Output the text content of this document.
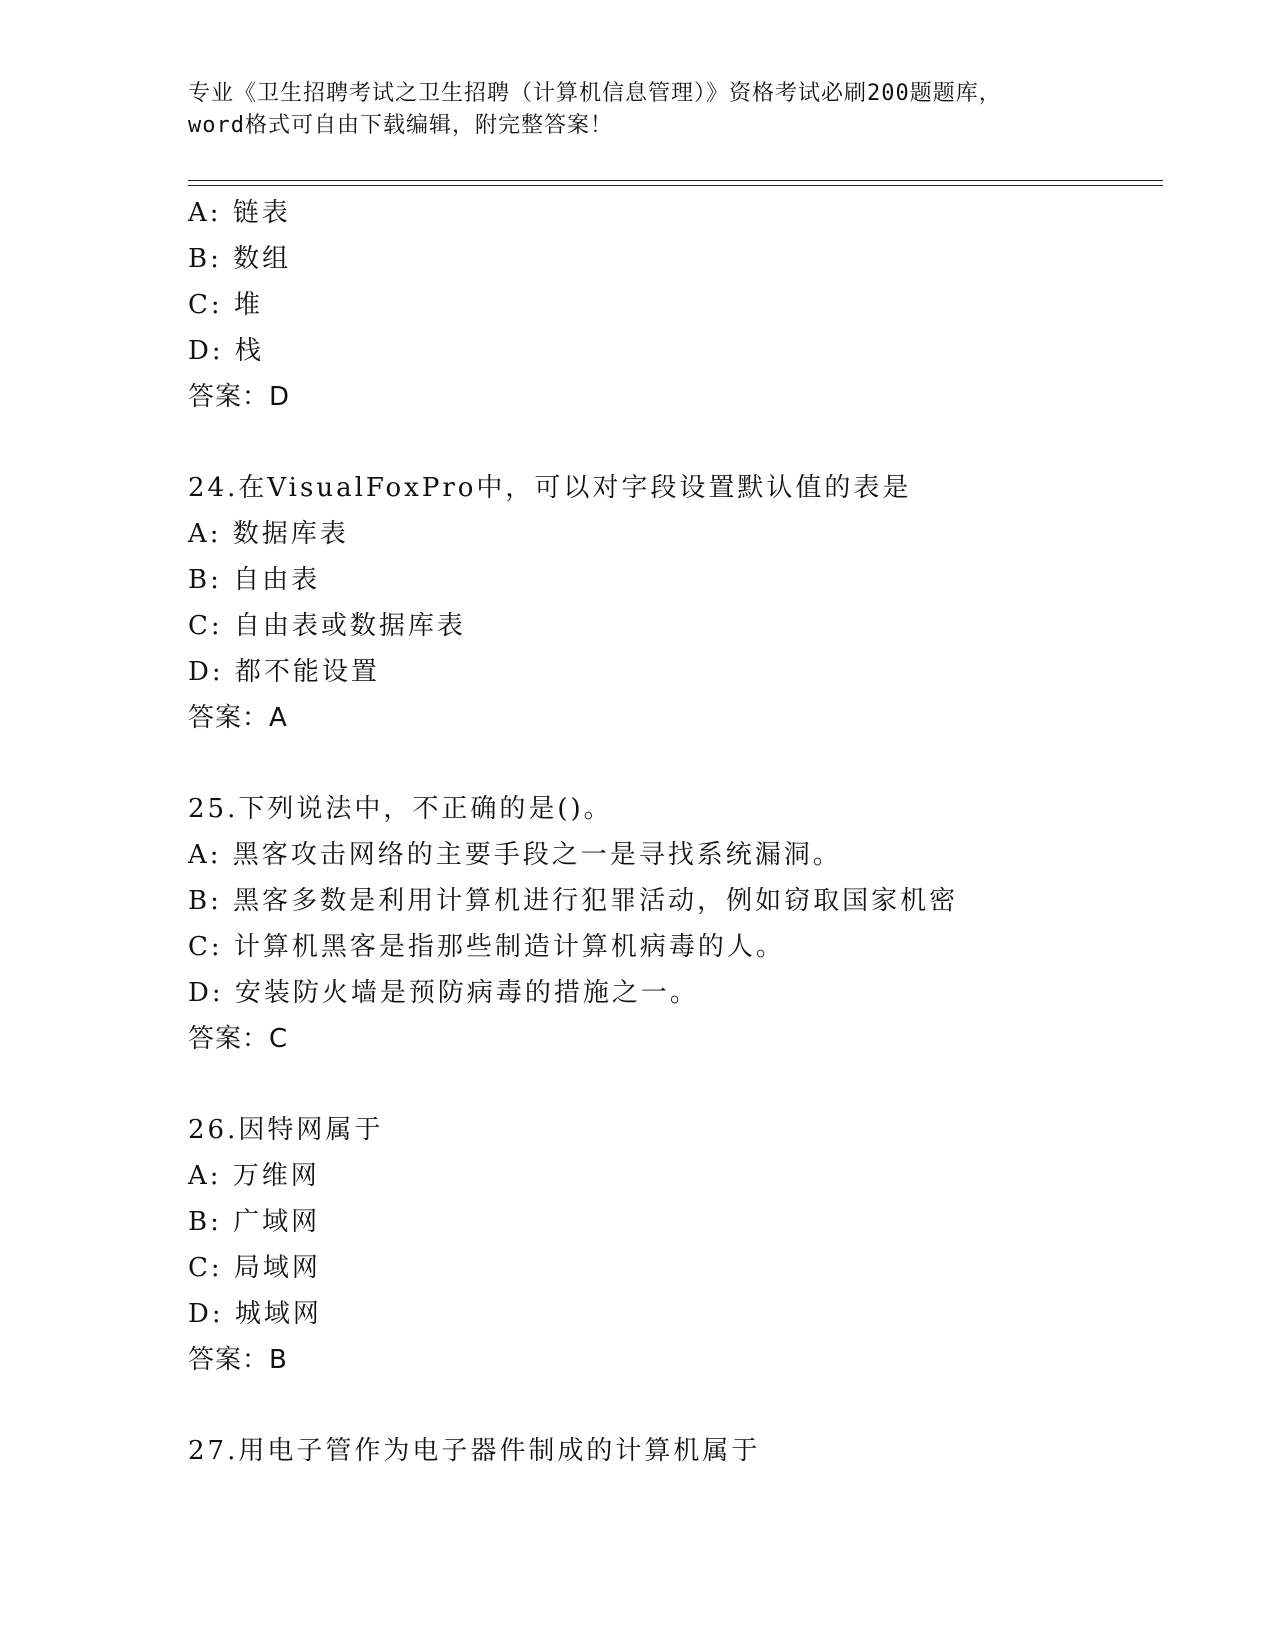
专业《卫生招聘考试之卫生招聘（计算机信息管理）》资格考试必刷200题题库，
word格式可自由下载编辑，附完整答案！
A: 链表
B: 数组
C: 堆
D: 栈
答案：D
24.在VisualFoxPro中，可以对字段设置默认值的表是
A: 数据库表
B: 自由表
C: 自由表或数据库表
D: 都不能设置
答案：A
25.下列说法中，不正确的是()。
A: 黑客攻击网络的主要手段之一是寻找系统漏洞。
B: 黑客多数是利用计算机进行犯罪活动，例如窃取国家机密
C: 计算机黑客是指那些制造计算机病毒的人。
D: 安装防火墙是预防病毒的措施之一。
答案：C
26.因特网属于
A: 万维网
B: 广域网
C: 局域网
D: 城域网
答案：B
27.用电子管作为电子器件制成的计算机属于
